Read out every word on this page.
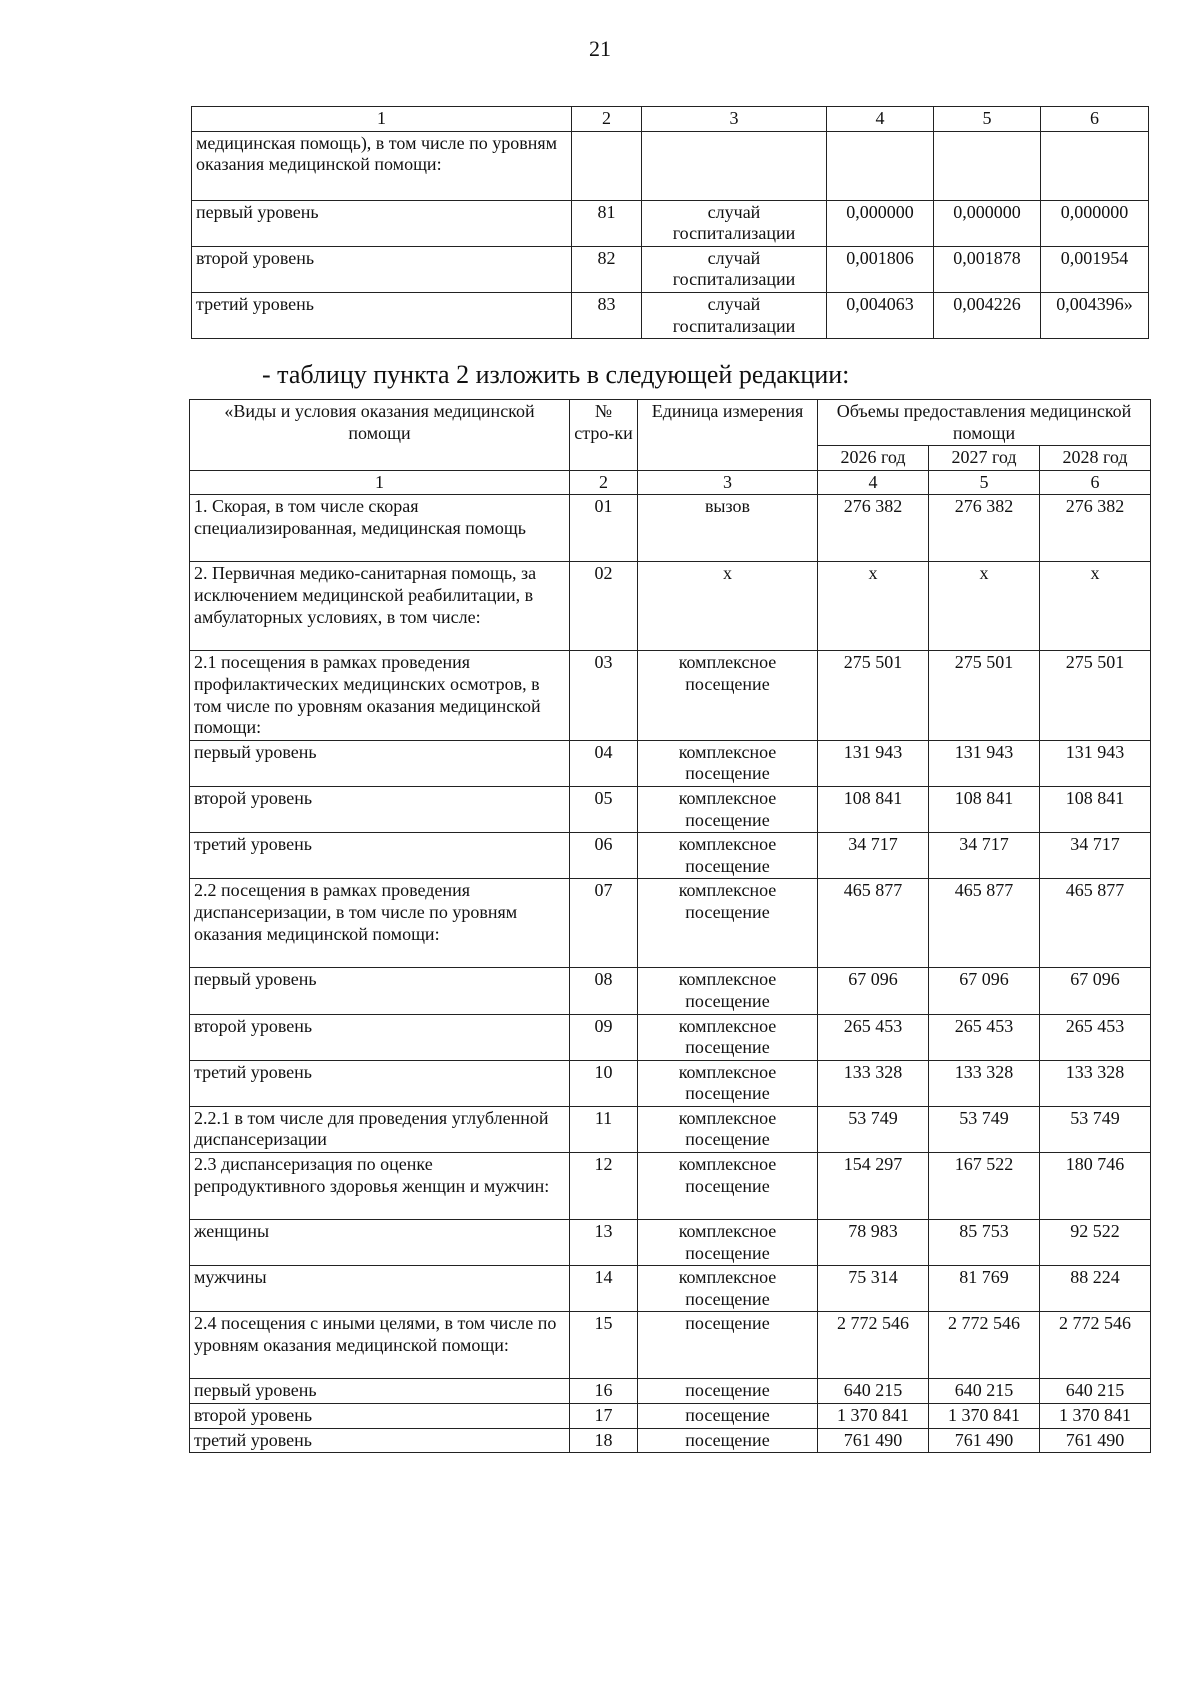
21
1	2	3	4	5	6
медицинская помощь), в том числе по уровням оказания медицинской помощи:					
первый уровень	81	случай госпитализации	0,000000	0,000000	0,000000
второй уровень	82	случай госпитализации	0,001806	0,001878	0,001954
третий уровень	83	случай госпитализации	0,004063	0,004226	0,004396»
- таблицу пункта 2 изложить в следующей редакции:
«Виды и условия оказания медицинской помощи	№ стро-ки	Единица измерения	Объемы предоставления медицинской помощи		
			2026 год	2027 год	2028 год
1	2	3	4	5	6
1. Скорая, в том числе скорая специализированная, медицинская помощь	01	вызов	276 382	276 382	276 382
2. Первичная медико-санитарная помощь, за исключением медицинской реабилитации, в амбулаторных условиях, в том числе:	02	х	х	х	х
2.1 посещения в рамках проведения профилактических медицинских осмотров, в том числе по уровням оказания медицинской помощи:	03	комплексное посещение	275 501	275 501	275 501
первый уровень	04	комплексное посещение	131 943	131 943	131 943
второй уровень	05	комплексное посещение	108 841	108 841	108 841
третий уровень	06	комплексное посещение	34 717	34 717	34 717
2.2 посещения в рамках проведения диспансеризации, в том числе по уровням оказания медицинской помощи:	07	комплексное посещение	465 877	465 877	465 877
первый уровень	08	комплексное посещение	67 096	67 096	67 096
второй уровень	09	комплексное посещение	265 453	265 453	265 453
третий уровень	10	комплексное посещение	133 328	133 328	133 328
2.2.1 в том числе для проведения углубленной диспансеризации	11	комплексное посещение	53 749	53 749	53 749
2.3 диспансеризация по оценке репродуктивного здоровья женщин и мужчин:	12	комплексное посещение	154 297	167 522	180 746
женщины	13	комплексное посещение	78 983	85 753	92 522
мужчины	14	комплексное посещение	75 314	81 769	88 224
2.4 посещения с иными целями, в том числе по уровням оказания медицинской помощи:	15	посещение	2 772 546	2 772 546	2 772 546
первый уровень	16	посещение	640 215	640 215	640 215
второй уровень	17	посещение	1 370 841	1 370 841	1 370 841
третий уровень	18	посещение	761 490	761 490	761 490
